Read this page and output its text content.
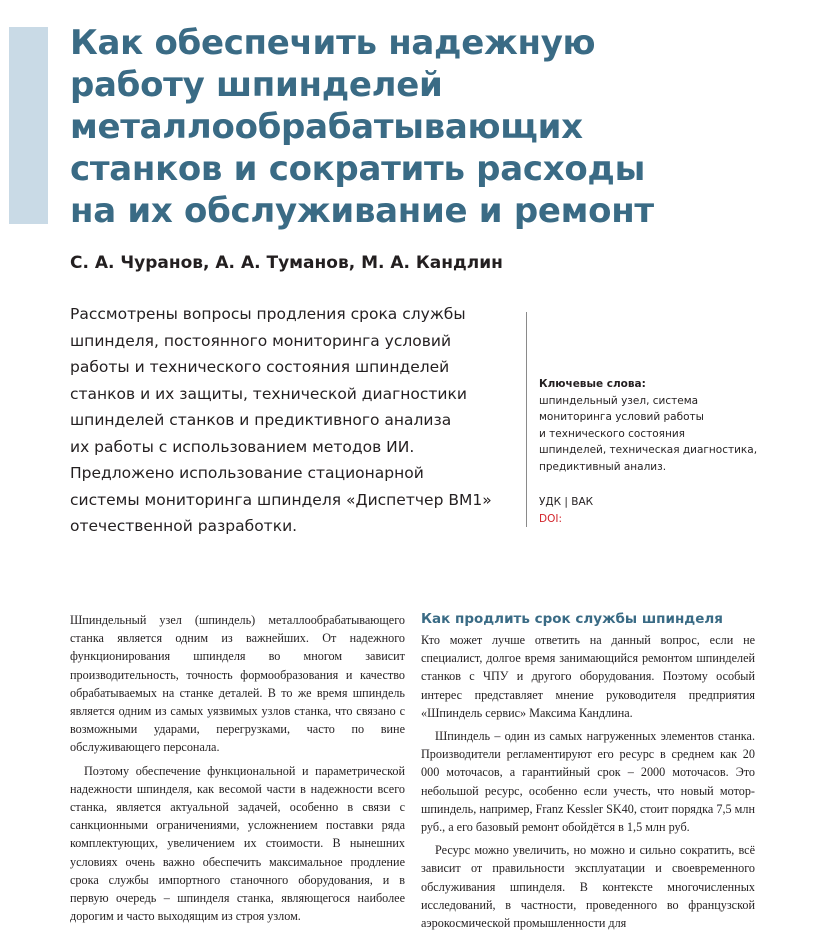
Как обеспечить надежную
работу шпинделей
металлообрабатывающих
станков и сократить расходы
на их обслуживание и ремонт
С. А. Чуранов, А. А. Туманов, М. А. Кандлин
Рассмотрены вопросы продления срока службы
шпинделя, постоянного мониторинга условий
работы и технического состояния шпинделей
станков и их защиты, технической диагностики
шпинделей станков и предиктивного анализа
их работы с использованием методов ИИ.
Предложено использование стационарной
системы мониторинга шпинделя «Диспетчер ВМ1»
отечественной разработки.
Ключевые слова:
шпиндельный узел, система
мониторинга условий работы
и технического состояния
шпинделей, техническая диагностика,
предиктивный анализ.
УДК | ВАК
DOI:

Шпиндельный узел (шпиндель) металлообрабатывающего станка является одним из важнейших. От надежного функционирования шпинделя во многом зависит производительность, точность формообразования и качество обрабатываемых на станке деталей. В то же время шпиндель является одним из самых уязвимых узлов станка, что связано с возможными ударами, перегрузками, часто по вине обслуживающего персонала.

Поэтому обеспечение функциональной и параметрической надежности шпинделя, как весомой части в надежности всего станка, является актуальной задачей, особенно в связи с санкционными ограничениями, усложнением поставки ряда комплектующих, увеличением их стоимости. В нынешних условиях очень важно обеспечить максимальное продление срока службы импортного станочного оборудования, и в первую очередь – шпинделя станка, являющегося наиболее дорогим и часто выходящим из строя узлом.

Как продлить срок службы шпинделя

Кто может лучше ответить на данный вопрос, если не специалист, долгое время занимающийся ремонтом шпинделей станков с ЧПУ и другого оборудования. Поэтому особый интерес представляет мнение руководителя предприятия «Шпиндель сервис» Максима Кандлина.

Шпиндель – один из самых нагруженных элементов станка. Производители регламентируют его ресурс в среднем как 20 000 моточасов, а гарантийный срок – 2000 моточасов. Это небольшой ресурс, особенно если учесть, что новый мотор-шпиндель, например, Franz Kessler SK40, стоит порядка 7,5 млн руб., а его базовый ремонт обойдётся в 1,5 млн руб.

Ресурс можно увеличить, но можно и сильно сократить, всё зависит от правильности эксплуатации и своевременного обслуживания шпинделя. В контексте многочисленных исследований, в частности, проведенного во французской аэрокосмической промышленности для
